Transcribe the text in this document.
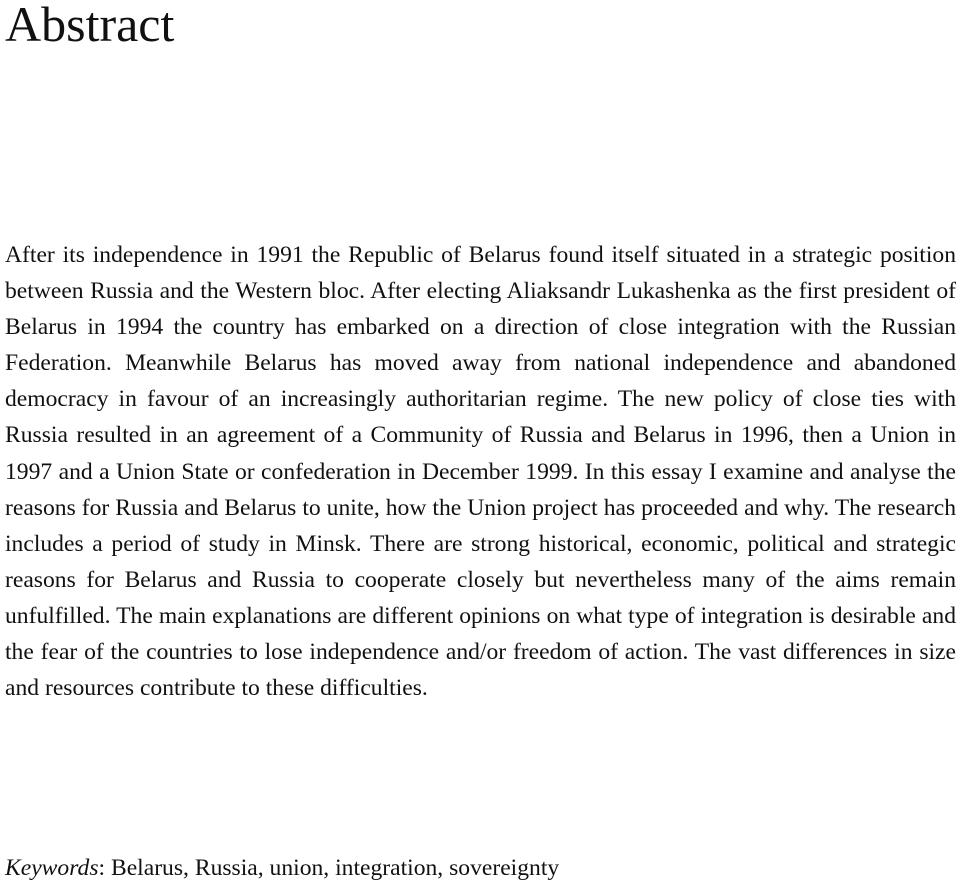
Abstract

After its independence in 1991 the Republic of Belarus found itself situated in a strategic position between Russia and the Western bloc. After electing Aliaksandr Lukashenka as the first president of Belarus in 1994 the country has embarked on a direction of close integration with the Russian Federation. Meanwhile Belarus has moved away from national independence and abandoned democracy in favour of an increasingly authoritarian regime. The new policy of close ties with Russia resulted in an agreement of a Community of Russia and Belarus in 1996, then a Union in 1997 and a Union State or confederation in December 1999. In this essay I examine and analyse the reasons for Russia and Belarus to unite, how the Union project has proceeded and why. The research includes a period of study in Minsk. There are strong historical, economic, political and strategic reasons for Belarus and Russia to cooperate closely but nevertheless many of the aims remain unfulfilled. The main explanations are different opinions on what type of integration is desirable and the fear of the countries to lose independence and/or freedom of action. The vast differences in size and resources contribute to these difficulties.

Keywords: Belarus, Russia, union, integration, sovereignty
